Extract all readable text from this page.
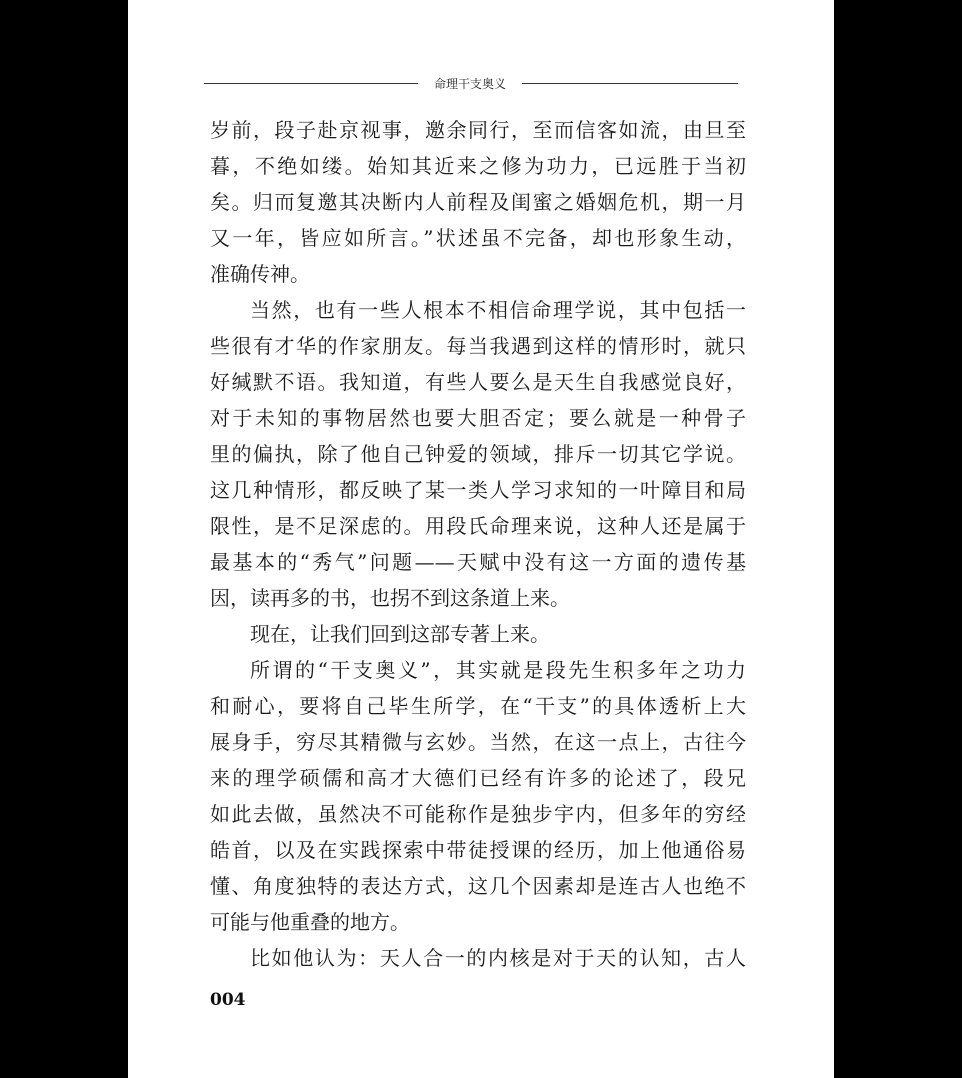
命理干支奥义
岁前，段子赴京视事，邀余同行，至而信客如流，由旦至
暮，不绝如缕。始知其近来之修为功力，已远胜于当初
矣。归而复邀其决断内人前程及闺蜜之婚姻危机，期一月
又一年，皆应如所言。”状述虽不完备，却也形象生动，
准确传神。
当然，也有一些人根本不相信命理学说，其中包括一
些很有才华的作家朋友。每当我遇到这样的情形时，就只
好缄默不语。我知道，有些人要么是天生自我感觉良好，
对于未知的事物居然也要大胆否定；要么就是一种骨子
里的偏执，除了他自己钟爱的领域，排斥一切其它学说。
这几种情形，都反映了某一类人学习求知的一叶障目和局
限性，是不足深虑的。用段氏命理来说，这种人还是属于
最基本的“秀气”问题——天赋中没有这一方面的遗传基
因，读再多的书，也拐不到这条道上来。
现在，让我们回到这部专著上来。
所谓的“干支奥义”，其实就是段先生积多年之功力
和耐心，要将自己毕生所学，在“干支”的具体透析上大
展身手，穷尽其精微与玄妙。当然，在这一点上，古往今
来的理学硕儒和高才大德们已经有许多的论述了，段兄
如此去做，虽然决不可能称作是独步宇内，但多年的穷经
皓首，以及在实践探索中带徒授课的经历，加上他通俗易
懂、角度独特的表达方式，这几个因素却是连古人也绝不
可能与他重叠的地方。
比如他认为：天人合一的内核是对于天的认知，古人
004
